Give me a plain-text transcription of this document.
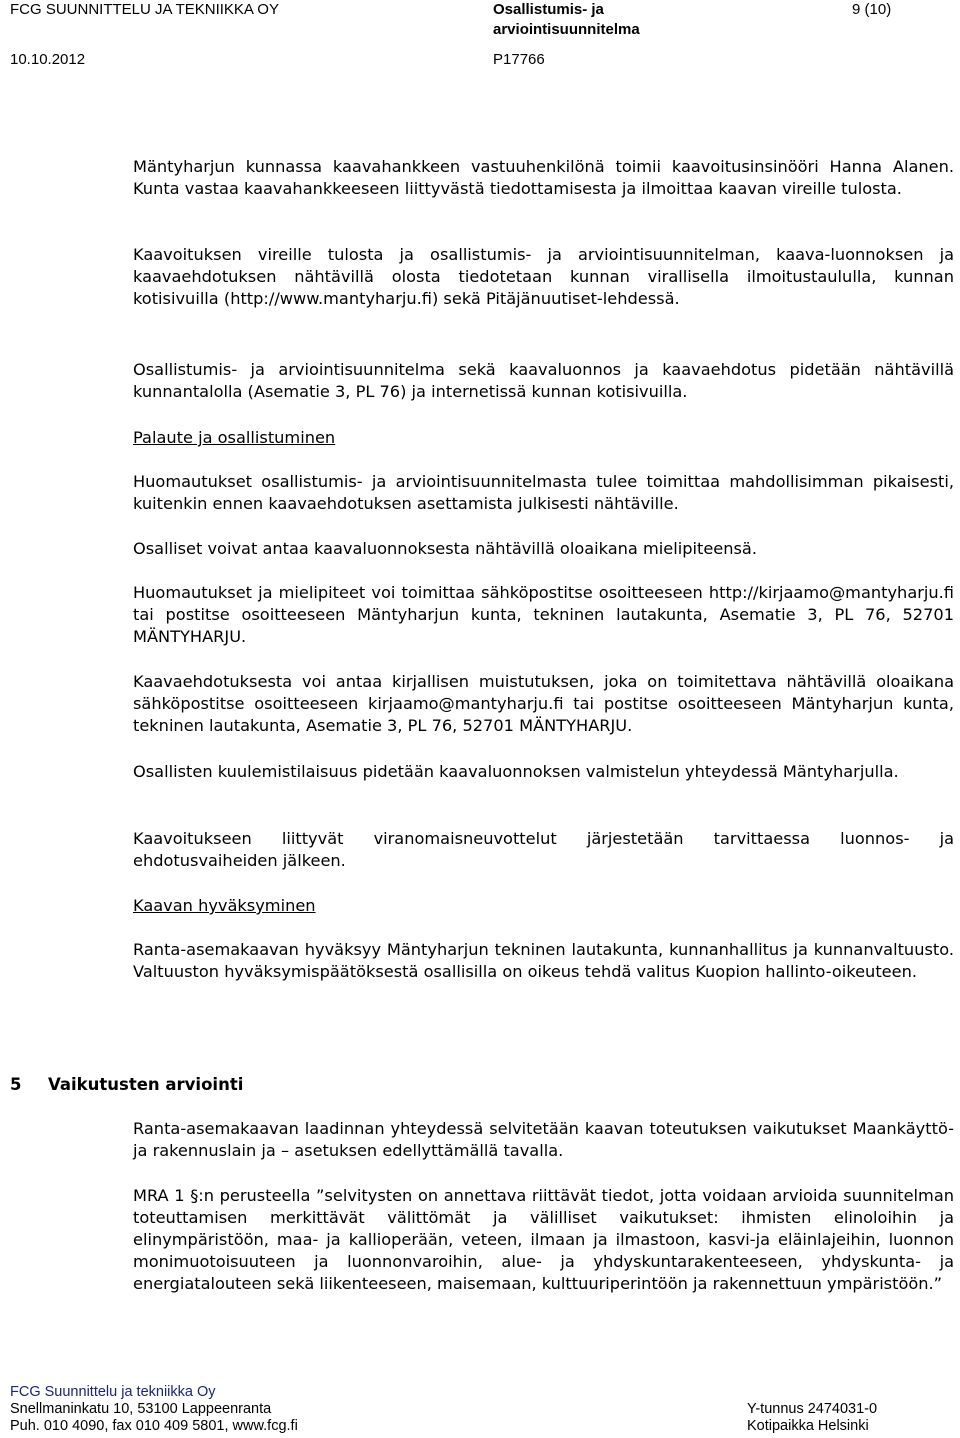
FCG SUUNNITTELU JA TEKNIIKKA OY	Osallistumis- ja arviointisuunnitelma
9 (10)
10.10.2012	P17766

Mäntyharjun kunnassa kaavahankkeen vastuuhenkilönä toimii kaavoitusinsinööri Hanna Alanen. Kunta vastaa kaavahankkeeseen liittyvästä tiedottamisesta ja ilmoittaa kaavan vireille tulosta.

Kaavoituksen vireille tulosta ja osallistumis- ja arviointisuunnitelman, kaava-luonnoksen ja kaavaehdotuksen nähtävillä olosta tiedotetaan kunnan virallisella ilmoitustaululla, kunnan kotisivuilla (http://www.mantyharju.fi) sekä Pitäjänuutiset-lehdessä.

Osallistumis- ja arviointisuunnitelma sekä kaavaluonnos ja kaavaehdotus pidetään nähtävillä kunnantalolla (Asematie 3, PL 76) ja internetissä kunnan kotisivuilla.

Palaute ja osallistuminen

Huomautukset osallistumis- ja arviointisuunnitelmasta tulee toimittaa mahdollisimman pikaisesti, kuitenkin ennen kaavaehdotuksen asettamista julkisesti nähtäville.

Osalliset voivat antaa kaavaluonnoksesta nähtävillä oloaikana mielipiteensä.

Huomautukset ja mielipiteet voi toimittaa sähköpostitse osoitteeseen http://kirjaamo@mantyharju.fi tai postitse osoitteeseen Mäntyharjun kunta, tekninen lautakunta, Asematie 3, PL 76, 52701 MÄNTYHARJU.

Kaavaehdotuksesta voi antaa kirjallisen muistutuksen, joka on toimitettava nähtävillä oloaikana sähköpostitse osoitteeseen kirjaamo@mantyharju.fi tai postitse osoitteeseen Mäntyharjun kunta, tekninen lautakunta, Asematie 3, PL 76, 52701 MÄNTYHARJU.

Osallisten kuulemistilaisuus pidetään kaavaluonnoksen valmistelun yhteydessä Mäntyharjulla.

Kaavoitukseen liittyvät viranomaisneuvottelut järjestetään tarvittaessa luonnos- ja ehdotusvaiheiden jälkeen.

Kaavan hyväksyminen

Ranta-asemakaavan hyväksyy Mäntyharjun tekninen lautakunta, kunnanhallitus ja kunnanvaltuusto. Valtuuston hyväksymispäätöksestä osallisilla on oikeus tehdä valitus Kuopion hallinto-oikeuteen.

5 Vaikutusten arviointi

Ranta-asemakaavan laadinnan yhteydessä selvitetään kaavan toteutuksen vaikutukset Maankäyttö- ja rakennuslain ja – asetuksen edellyttämällä tavalla.

MRA 1 §:n perusteella ”selvitysten on annettava riittävät tiedot, jotta voidaan arvioida suunnitelman toteuttamisen merkittävät välittömät ja välilliset vaikutukset: ihmisten elinoloihin ja elinympäristöön, maa- ja kallioperään, veteen, ilmaan ja ilmastoon, kasvi-ja eläinlajeihin, luonnon monimuotoisuuteen ja luonnonvaroihin, alue- ja yhdyskuntarakenteeseen, yhdyskunta- ja energiatalouteen sekä liikenteeseen, maisemaan, kulttuuriperintöön ja rakennettuun ympäristöön.”

FCG Suunnittelu ja tekniikka Oy
Snellmaninkatu 10, 53100 Lappeenranta
Puh. 010 4090, fax 010 409 5801, www.fcg.fi
Y-tunnus 2474031-0
Kotipaikka Helsinki
